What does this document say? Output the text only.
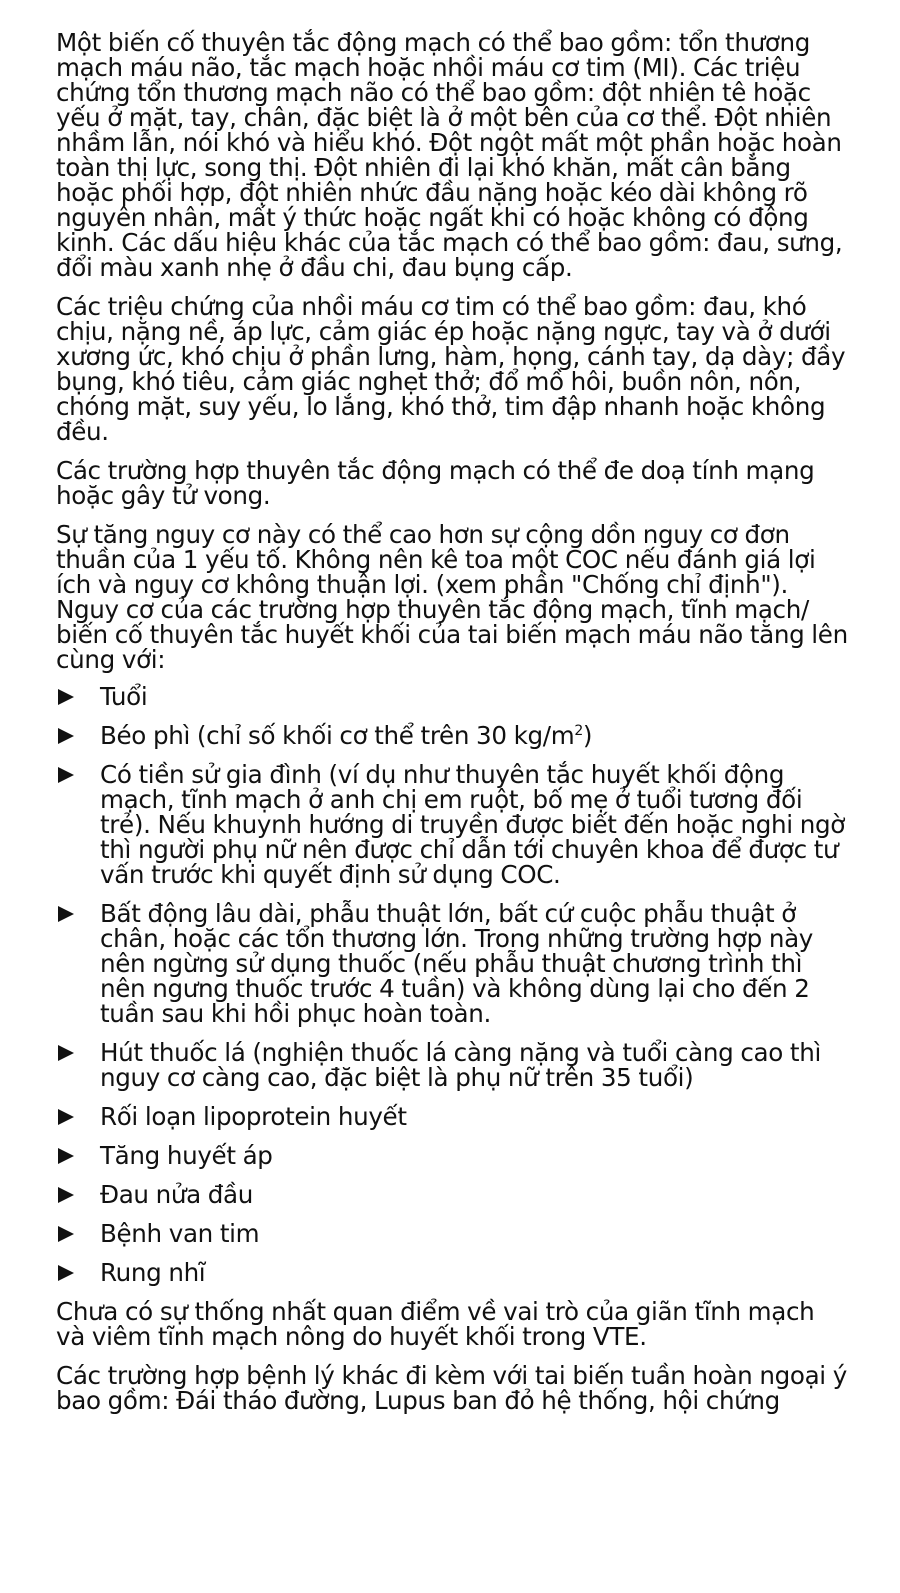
Một biến cố thuyên tắc động mạch có thể bao gồm: tổn thương mạch máu não, tắc mạch hoặc nhồi máu cơ tim (MI). Các triệu chứng tổn thương mạch não có thể bao gồm: đột nhiên tê hoặc yếu ở mặt, tay, chân, đặc biệt là ở một bên của cơ thể. Đột nhiên nhầm lẫn, nói khó và hiểu khó. Đột ngột mất một phần hoặc hoàn toàn thị lực, song thị. Đột nhiên đi lại khó khăn, mất cân bằng hoặc phối hợp, đột nhiên nhức đầu nặng hoặc kéo dài không rõ nguyên nhân, mất ý thức hoặc ngất khi có hoặc không có động kinh. Các dấu hiệu khác của tắc mạch có thể bao gồm: đau, sưng, đổi màu xanh nhẹ ở đầu chi, đau bụng cấp.

Các triệu chứng của nhồi máu cơ tim có thể bao gồm: đau, khó chịu, nặng nề, áp lực, cảm giác ép hoặc nặng ngực, tay và ở dưới xương ức, khó chịu ở phần lưng, hàm, họng, cánh tay, dạ dày; đầy bụng, khó tiêu, cảm giác nghẹt thở; đổ mồ hôi, buồn nôn, nôn, chóng mặt, suy yếu, lo lắng, khó thở, tim đập nhanh hoặc không đều.

Các trường hợp thuyên tắc động mạch có thể đe doạ tính mạng hoặc gây tử vong.

Sự tăng nguy cơ này có thể cao hơn sự cộng dồn nguy cơ đơn thuần của 1 yếu tố. Không nên kê toa một COC nếu đánh giá lợi ích và nguy cơ không thuận lợi. (xem phần "Chống chỉ định"). Nguy cơ của các trường hợp thuyên tắc động mạch, tĩnh mạch/ biến cố thuyên tắc huyết khối của tai biến mạch máu não tăng lên cùng với:

Tuổi
Béo phì (chỉ số khối cơ thể trên 30 $kg/m^2$)
Có tiền sử gia đình (ví dụ như thuyên tắc huyết khối động mạch, tĩnh mạch ở anh chị em ruột, bố mẹ ở tuổi tương đối trẻ). Nếu khuynh hướng di truyền được biết đến hoặc nghi ngờ thì người phụ nữ nên được chỉ dẫn tới chuyên khoa để được tư vấn trước khi quyết định sử dụng COC.
Bất động lâu dài, phẫu thuật lớn, bất cứ cuộc phẫu thuật ở chân, hoặc các tổn thương lớn. Trong những trường hợp này nên ngừng sử dụng thuốc (nếu phẫu thuật chương trình thì nên ngưng thuốc trước 4 tuần) và không dùng lại cho đến 2 tuần sau khi hồi phục hoàn toàn.
Hút thuốc lá (nghiện thuốc lá càng nặng và tuổi càng cao thì nguy cơ càng cao, đặc biệt là phụ nữ trên 35 tuổi)
Rối loạn lipoprotein huyết
Tăng huyết áp
Đau nửa đầu
Bệnh van tim
Rung nhĩ

Chưa có sự thống nhất quan điểm về vai trò của giãn tĩnh mạch và viêm tĩnh mạch nông do huyết khối trong VTE.

Các trường hợp bệnh lý khác đi kèm với tai biến tuần hoàn ngoại ý bao gồm: Đái tháo đường, Lupus ban đỏ hệ thống, hội chứng
